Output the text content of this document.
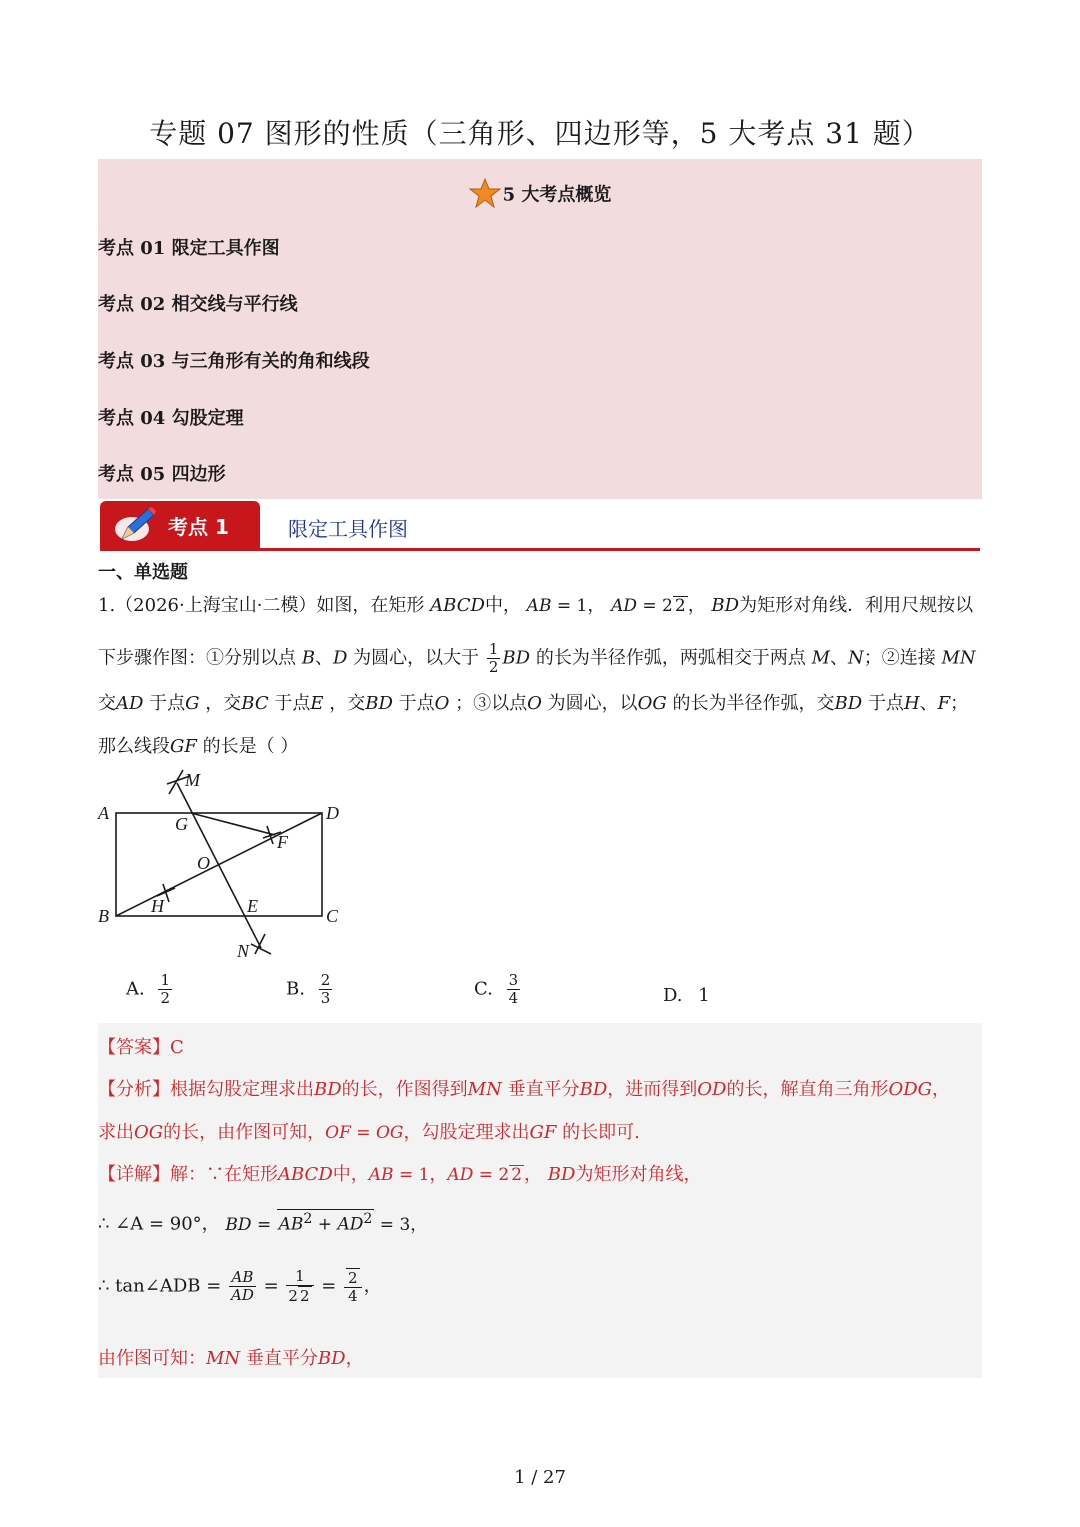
专题 07 图形的性质（三角形、四边形等，5 大考点 31 题）
5 大考点概览
考点 01 限定工具作图
考点 02 相交线与平行线
考点 03 与三角形有关的角和线段
考点 04 勾股定理
考点 05 四边形
考点 1	限定工具作图
一、单选题
1.（2026·上海宝山·二模）如图，在矩形 ABCD中， AB = 1， AD = 2 2 ， BD为矩形对角线．利用尺规按以
下步骤作图：①分别以点 B、D 为圆心，以大于 $\frac{1}{2}$ BD 的长为半径作弧，两弧相交于两点 M、N；②连接 MN
交AD 于点G ，交BC 于点E ，交BD 于点O ；③以点O 为圆心，以OG 的长为半径作弧，交BD 于点H、F；
那么线段GF 的长是（ ）
A	D
B	C
M
N
G
F
O
H	E
A. $\frac{1}{2}$	B. $\frac{2}{3}$	C. $\frac{3}{4}$	D. 1
【答案】C
【分析】根据勾股定理求出BD的长，作图得到MN 垂直平分BD，进而得到OD的长，解直角三角形ODG，
求出OG的长，由作图可知，OF = OG，勾股定理求出GF 的长即可.
【详解】解：∵在矩形ABCD中，AB = 1，AD = 2 2 ， BD为矩形对角线，
∴ ∠A = 90°， BD = $AB^2 + AD^2 = 3$，
∴ tan∠ADB = $\frac{AB}{AD} = \frac{1}{2 2} = \frac{2}{4}$ ，
由作图可知：MN 垂直平分BD，
1 / 27
